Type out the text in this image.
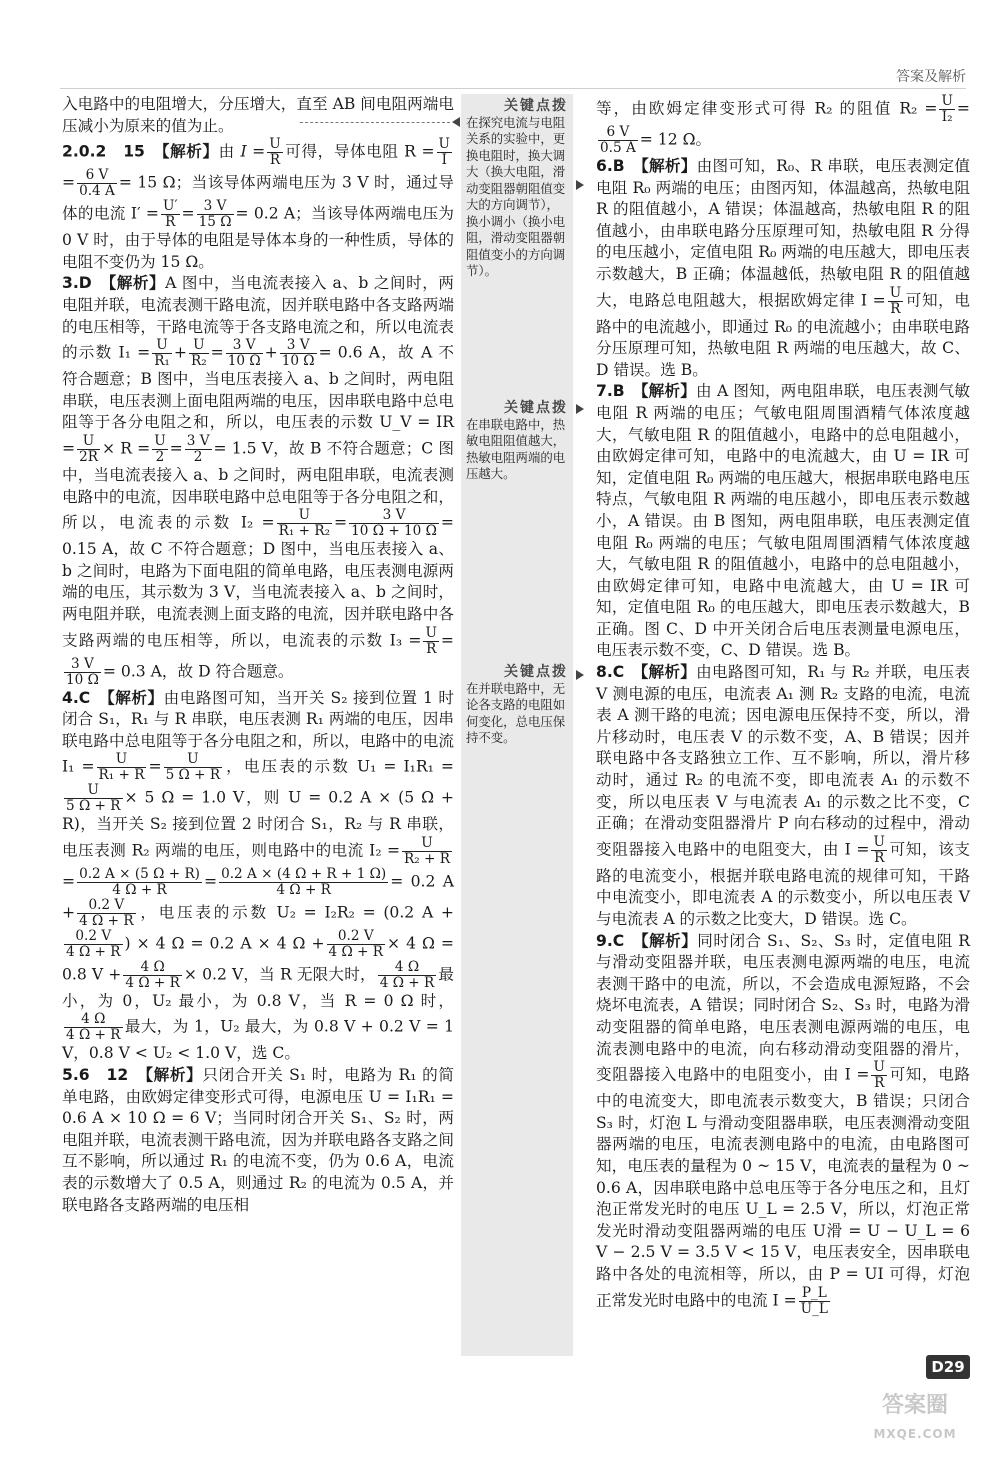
答案及解析
关键点拨
在探究电流与电阻关系的实验中，更换电阻时，换大调大（换大电阻，滑动变阻器朝阻值变大的方向调节），换小调小（换小电阻，滑动变阻器朝阻值变小的方向调节）。
关键点拨
在串联电路中，热敏电阻阻值越大，热敏电阻两端的电压越大。
关键点拨
在并联电路中，无论各支路的电阻如何变化，总电压保持不变。

入电路中的电阻增大，分压增大，直至 AB 间电阻两端电压减小为原来的值为止。

2.0.2　15　 【解析】由 $I = \frac{U}{R}$ 可得，导体电阻 $R = \frac{U}{I}$
= $\frac{6 V}{0.4 A} = 15$ Ω；当该导体两端电压为 3 V 时，通过导体的电流 $I' = \frac{U'}{R} = \frac{3 V}{15 \Omega} = 0.2$ A；当该导体两端电压为 0 V 时，由于导体的电阻是导体本身的一种性质，导体的电阻不变仍为 15 Ω。

3.D　 【解析】A 图中，当电流表接入 a、b 之间时，两电阻并联，电流表测干路电流，因并联电路中各支路两端的电压相等，干路电流等于各支路电流之和，所以电流表的示数 $I_1 = \frac{U}{\text{R₁}} + \frac{U}{\text{R₂}} = \frac{3 V}{10 \Omega} + \frac{3 V}{10 \Omega} = 0.6$ A，故 A 不符合题意；B 图中，当电压表接入 a、b 之间时，两电阻串联，电压表测上面电阻两端的电压，因串联电路中总电阻等于各分电阻之和，所以，电压表的示数 U_V = IR = $\frac{U}{2R} \times R = \frac{U}{2} = \frac{3 V}{2} = 1.5$ V，故 B 不符合题意；C 图中，当电流表接入 a、b 之间时，两电阻串联，电流表测电路中的电流，因串联电路中总电阻等于各分电阻之和，所以，电流表的示数 $I_2 = \frac{U}{\text{R₁ + R₂}} = \frac{3 V}{10 \Omega + 10 \Omega} = 0.15$ A，故 C 不符合题意；D 图中，当电压表接入 a、b 之间时，电路为下面电阻的简单电路，电压表测电源两端的电压，其示数为 3 V，当电流表接入 a、b 之间时，两电阻并联，电流表测上面支路的电流，因并联电路中各支路两端的电压相等，所以，电流表的示数 $I_3 = \frac{U}{R}$ =
$\frac{3 V}{10 \Omega} = 0.3$ A，故 D 符合题意。

4.C　 【解析】由电路图可知，当开关 S₂ 接到位置 1 时闭合 S₁，R₁ 与 R 串联，电压表测 R₁ 两端的电压，因串联电路中总电阻等于各分电阻之和，所以，电路中的电流 $I_1 = \frac{U}{\text{R₁ + R}} = \frac{U}{5 \Omega + R}$ ，电压表的示数 U₁ = I₁R₁ =
$\frac{U}{5 \Omega + R} \times 5$ Ω = 1.0 V，则 U = 0.2 A × (5 Ω + R)，当开关 S₂ 接到位置 2 时闭合 S₁，R₂ 与 R 串联，电压表测 R₂ 两端的电压，则电路中的电流 $I_2 = \frac{U}{\text{R₂ + R}}$
= $\frac{0.2 A \times (5 \Omega + R)}{4 \Omega + R} = \frac{0.2 A \times (4 \Omega + R + 1 \Omega)}{4 \Omega + R} = 0.2$ $A + \frac{0.2 V}{4 \Omega + R}$ ，电压表的示数 U₂ = I₂R₂ = (0.2 A +
$\frac{0.2 V}{4 \Omega + R}$ ) × 4 Ω = 0.2 A × 4 $\Omega + \frac{0.2 V}{4 \Omega + R} \times 4$ Ω = 0.8 $V + \frac{4 \Omega}{4 \Omega + R} \times 0.2$ V，当 R 无限大时， $\frac{4 \Omega}{4 \Omega + R}$ 最小，为 0，U₂ 最小，为 0.8 V，当 R = 0 Ω 时，
$\frac{4 \Omega}{4 \Omega + R}$ 最大，为 1，U₂ 最大，为 0.8 V + 0.2 V = 1 V，0.8 V < U₂ < 1.0 V，选 C。

5.6　12　 【解析】只闭合开关 S₁ 时，电路为 R₁ 的简单电路，由欧姆定律变形式可得，电源电压 U = I₁R₁ = 0.6 A × 10 Ω = 6 V；当同时闭合开关 S₁、S₂ 时，两电阻并联，电流表测干路电流，因为并联电路各支路之间互不影响，所以通过 R₁ 的电流不变，仍为 0.6 A，电流表的示数增大了 0.5 A，则通过 R₂ 的电流为 0.5 A，并联电路各支路两端的电压相

等，由欧姆定律变形式可得 R₂ 的阻值 $R_2 = \frac{U}{\text{I₂}}$ =
$\frac{6 V}{0.5 A} = 12$ Ω。

6.B　 【解析】由图可知，R₀、R 串联，电压表测定值电阻 R₀ 两端的电压；由图丙知，体温越高，热敏电阻 R 的阻值越小，A 错误；体温越高，热敏电阻 R 的阻值越小，由串联电路分压原理可知，热敏电阻 R 分得的电压越小，定值电阻 R₀ 两端的电压越大，即电压表示数越大，B 正确；体温越低，热敏电阻 R 的阻值越大，电路总电阻越大，根据欧姆定律 $I = \frac{U}{R}$ 可知，电路中的电流越小，即通过 R₀ 的电流越小；由串联电路分压原理可知，热敏电阻 R 两端的电压越大，故 C、D 错误。选 B。

7.B　 【解析】由 A 图知，两电阻串联，电压表测气敏电阻 R 两端的电压；气敏电阻周围酒精气体浓度越大，气敏电阻 R 的阻值越小，电路中的总电阻越小，由欧姆定律可知，电路中的电流越大，由 U = IR 可知，定值电阻 R₀ 两端的电压越大，根据串联电路电压特点，气敏电阻 R 两端的电压越小，即电压表示数越小，A 错误。由 B 图知，两电阻串联，电压表测定值电阻 R₀ 两端的电压；气敏电阻周围酒精气体浓度越大，气敏电阻 R 的阻值越小，电路中的总电阻越小，由欧姆定律可知，电路中电流越大，由 U = IR 可知，定值电阻 R₀ 的电压越大，即电压表示数越大，B 正确。图 C、D 中开关闭合后电压表测量电源电压，电压表示数不变，C、D 错误。选 B。

8.C　 【解析】由电路图可知，R₁ 与 R₂ 并联，电压表 V 测电源的电压，电流表 A₁ 测 R₂ 支路的电流，电流表 A 测干路的电流；因电源电压保持不变，所以，滑片移动时，电压表 V 的示数不变，A、B 错误；因并联电路中各支路独立工作、互不影响，所以，滑片移动时，通过 R₂ 的电流不变，即电流表 A₁ 的示数不变，所以电压表 V 与电流表 A₁ 的示数之比不变，C 正确；在滑动变阻器滑片 P 向右移动的过程中，滑动变阻器接入电路中的电阻变大，由 $I = \frac{U}{R}$ 可知，该支路的电流变小，根据并联电路电流的规律可知，干路中电流变小，即电流表 A 的示数变小，所以电压表 V 与电流表 A 的示数之比变大，D 错误。选 C。

9.C　 【解析】同时闭合 S₁、S₂、S₃ 时，定值电阻 R 与滑动变阻器并联，电压表测电源两端的电压，电流表测干路中的电流，所以，不会造成电源短路，不会烧坏电流表，A 错误；同时闭合 S₂、S₃ 时，电路为滑动变阻器的简单电路，电压表测电源两端的电压，电流表测电路中的电流，向右移动滑动变阻器的滑片，变阻器接入电路中的电阻变小，由 $I = \frac{U}{R}$ 可知，电路中的电流变大，即电流表示数变大，B 错误；只闭合 S₃ 时，灯泡 L 与滑动变阻器串联，电压表测滑动变阻器两端的电压，电流表测电路中的电流，由电路图可知，电压表的量程为 0 ~ 15 V，电流表的量程为 0 ~ 0.6 A，因串联电路中总电压等于各分电压之和，且灯泡正常发光时的电压 U_L = 2.5 V，所以，灯泡正常发光时滑动变阻器两端的电压 U滑 = U − U_L = 6 V − 2.5 V = 3.5 V < 15 V，电压表安全，因串联电路中各处的电流相等，所以，由 P = UI 可得，灯泡正常发光时电路中的电流 $I = \frac{P\_L}{U\_L}$

D29
答案圈
MXQE.COM
